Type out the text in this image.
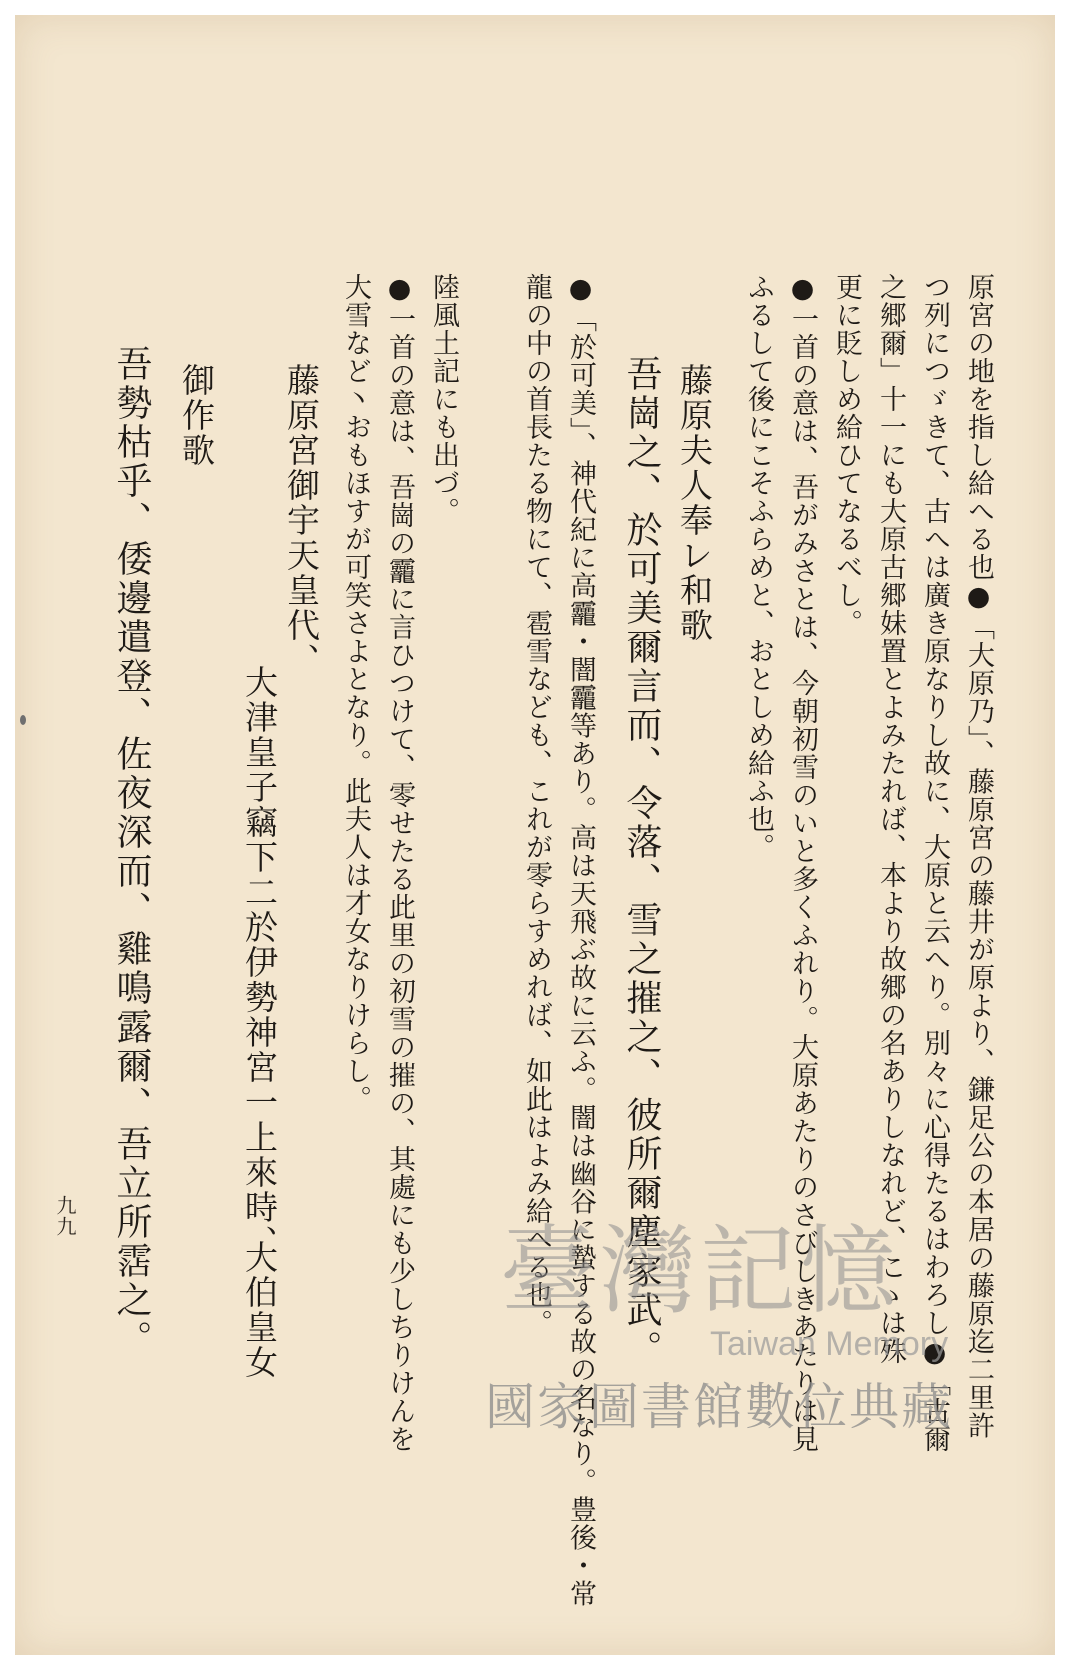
原宮の地を指し給へる也●「大原乃」、藤原宮の藤井が原より、鎌足公の本居の藤原迄二里許
つ列につゞきて、古へは廣き原なりし故に、大原と云へり。別々に心得たるはわろし●「古爾
之郷爾」十一にも大原古郷妹置とよみたれば、本より故郷の名ありしなれど、こゝは殊
更に貶しめ給ひてなるべし。
●一首の意は、吾がみさとは、今朝初雪のいと多くふれり。大原あたりのさびしきあたりは見
ふるして後にこそふらめと、おとしめ給ふ也。
藤原夫人奉レ和歌
吾崗之、於可美爾言而、令落、雪之摧之、彼所爾塵家武。
●「於可美」、神代紀に高龗・闇龗等あり。高は天飛ぶ故に云ふ。闇は幽谷に蟄する故の名なり。豊後・常
陸風土記にも出づ。 龍の中の首長たる物にて、雹雪なども、これが零らすめれば、如此はよみ給へる也。
●一首の意は、吾崗の龗に言ひつけて、零せたる此里の初雪の摧の、其處にも少しちりけんを
大雪など丶おもほすが可笑さよとなり。此夫人は才女なりけらし。
藤原宮御宇天皇代、
大津皇子竊下二於伊勢神宮一上來時、
大伯皇女
御作歌
吾勢枯乎、倭邊遣登、佐夜深而、雞鳴露爾、吾立所霑之。
九九	臺灣記憶
Taiwan Memory
國家圖書館數位典藏
